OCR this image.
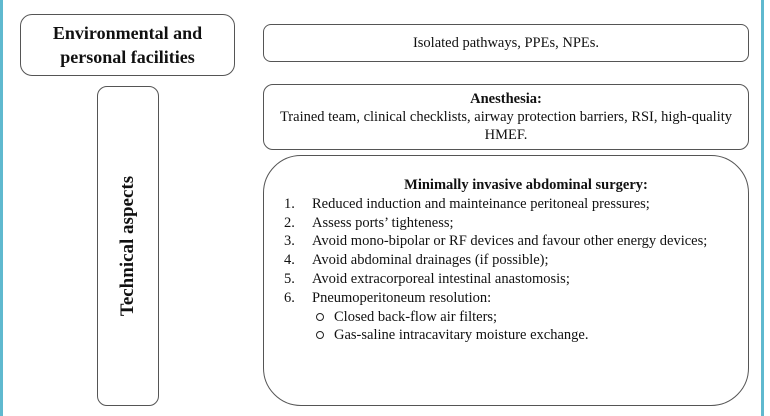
Environmental and
personal facilities
Isolated pathways, PPEs, NPEs.
Technical aspects
Anesthesia:
Trained team, clinical checklists, airway protection barriers, RSI, high-quality HMEF.
Minimally invasive abdominal surgery:
1. Reduced induction and mainteinance peritoneal pressures;
2. Assess ports’ tighteness;
3. Avoid mono-bipolar or RF devices and favour other energy devices;
4. Avoid abdominal drainages (if possible);
5. Avoid extracorporeal intestinal anastomosis;
6. Pneumoperitoneum resolution:
Closed back-flow air filters;
Gas-saline intracavitary moisture exchange.
